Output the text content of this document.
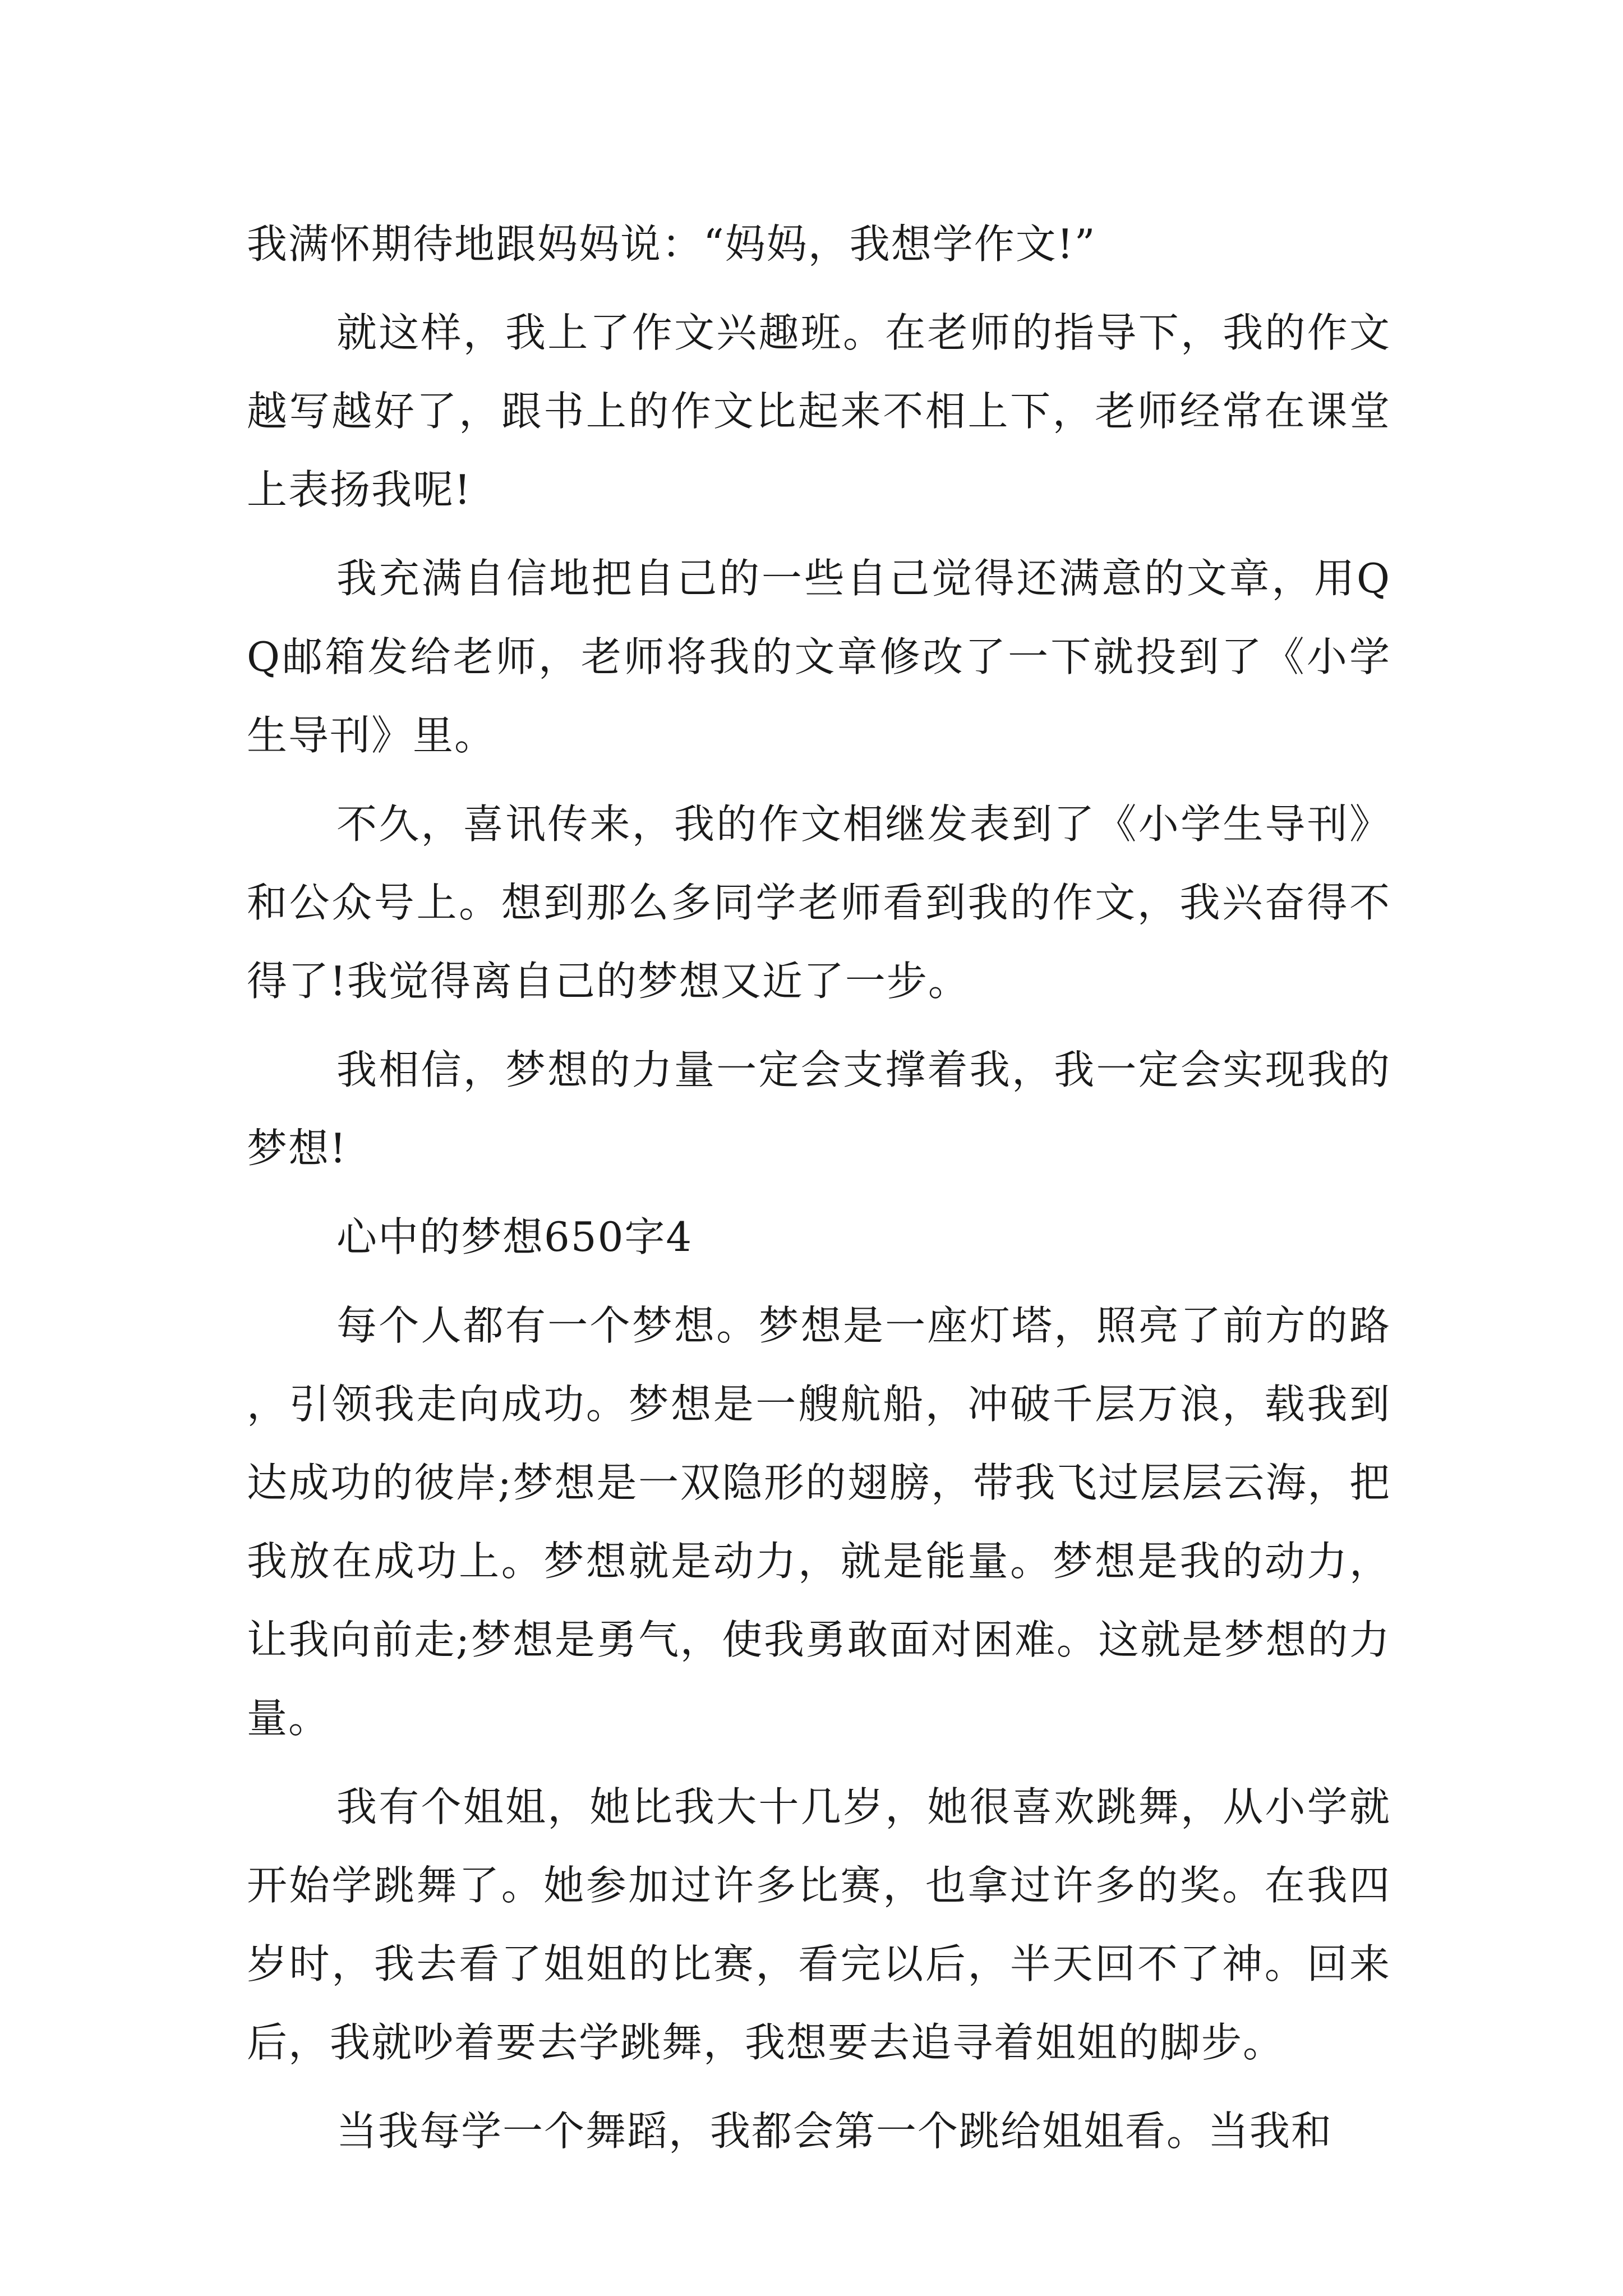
我满怀期待地跟妈妈说：“妈妈，我想学作文!”

就这样，我上了作文兴趣班。在老师的指导下，我的作文越写越好了，跟书上的作文比起来不相上下，老师经常在课堂上表扬我呢!

我充满自信地把自己的一些自己觉得还满意的文章，用QQ邮箱发给老师，老师将我的文章修改了一下就投到了《小学生导刊》里。

不久，喜讯传来，我的作文相继发表到了《小学生导刊》和公众号上。想到那么多同学老师看到我的作文，我兴奋得不得了!我觉得离自己的梦想又近了一步。

我相信，梦想的力量一定会支撑着我，我一定会实现我的梦想!

心中的梦想650字4

每个人都有一个梦想。梦想是一座灯塔，照亮了前方的路，引领我走向成功。梦想是一艘航船，冲破千层万浪，载我到达成功的彼岸;梦想是一双隐形的翅膀，带我飞过层层云海，把我放在成功上。梦想就是动力，就是能量。梦想是我的动力，让我向前走;梦想是勇气，使我勇敢面对困难。这就是梦想的力量。

我有个姐姐，她比我大十几岁，她很喜欢跳舞，从小学就开始学跳舞了。她参加过许多比赛，也拿过许多的奖。在我四岁时，我去看了姐姐的比赛，看完以后，半天回不了神。回来后，我就吵着要去学跳舞，我想要去追寻着姐姐的脚步。

当我每学一个舞蹈，我都会第一个跳给姐姐看。当我和
